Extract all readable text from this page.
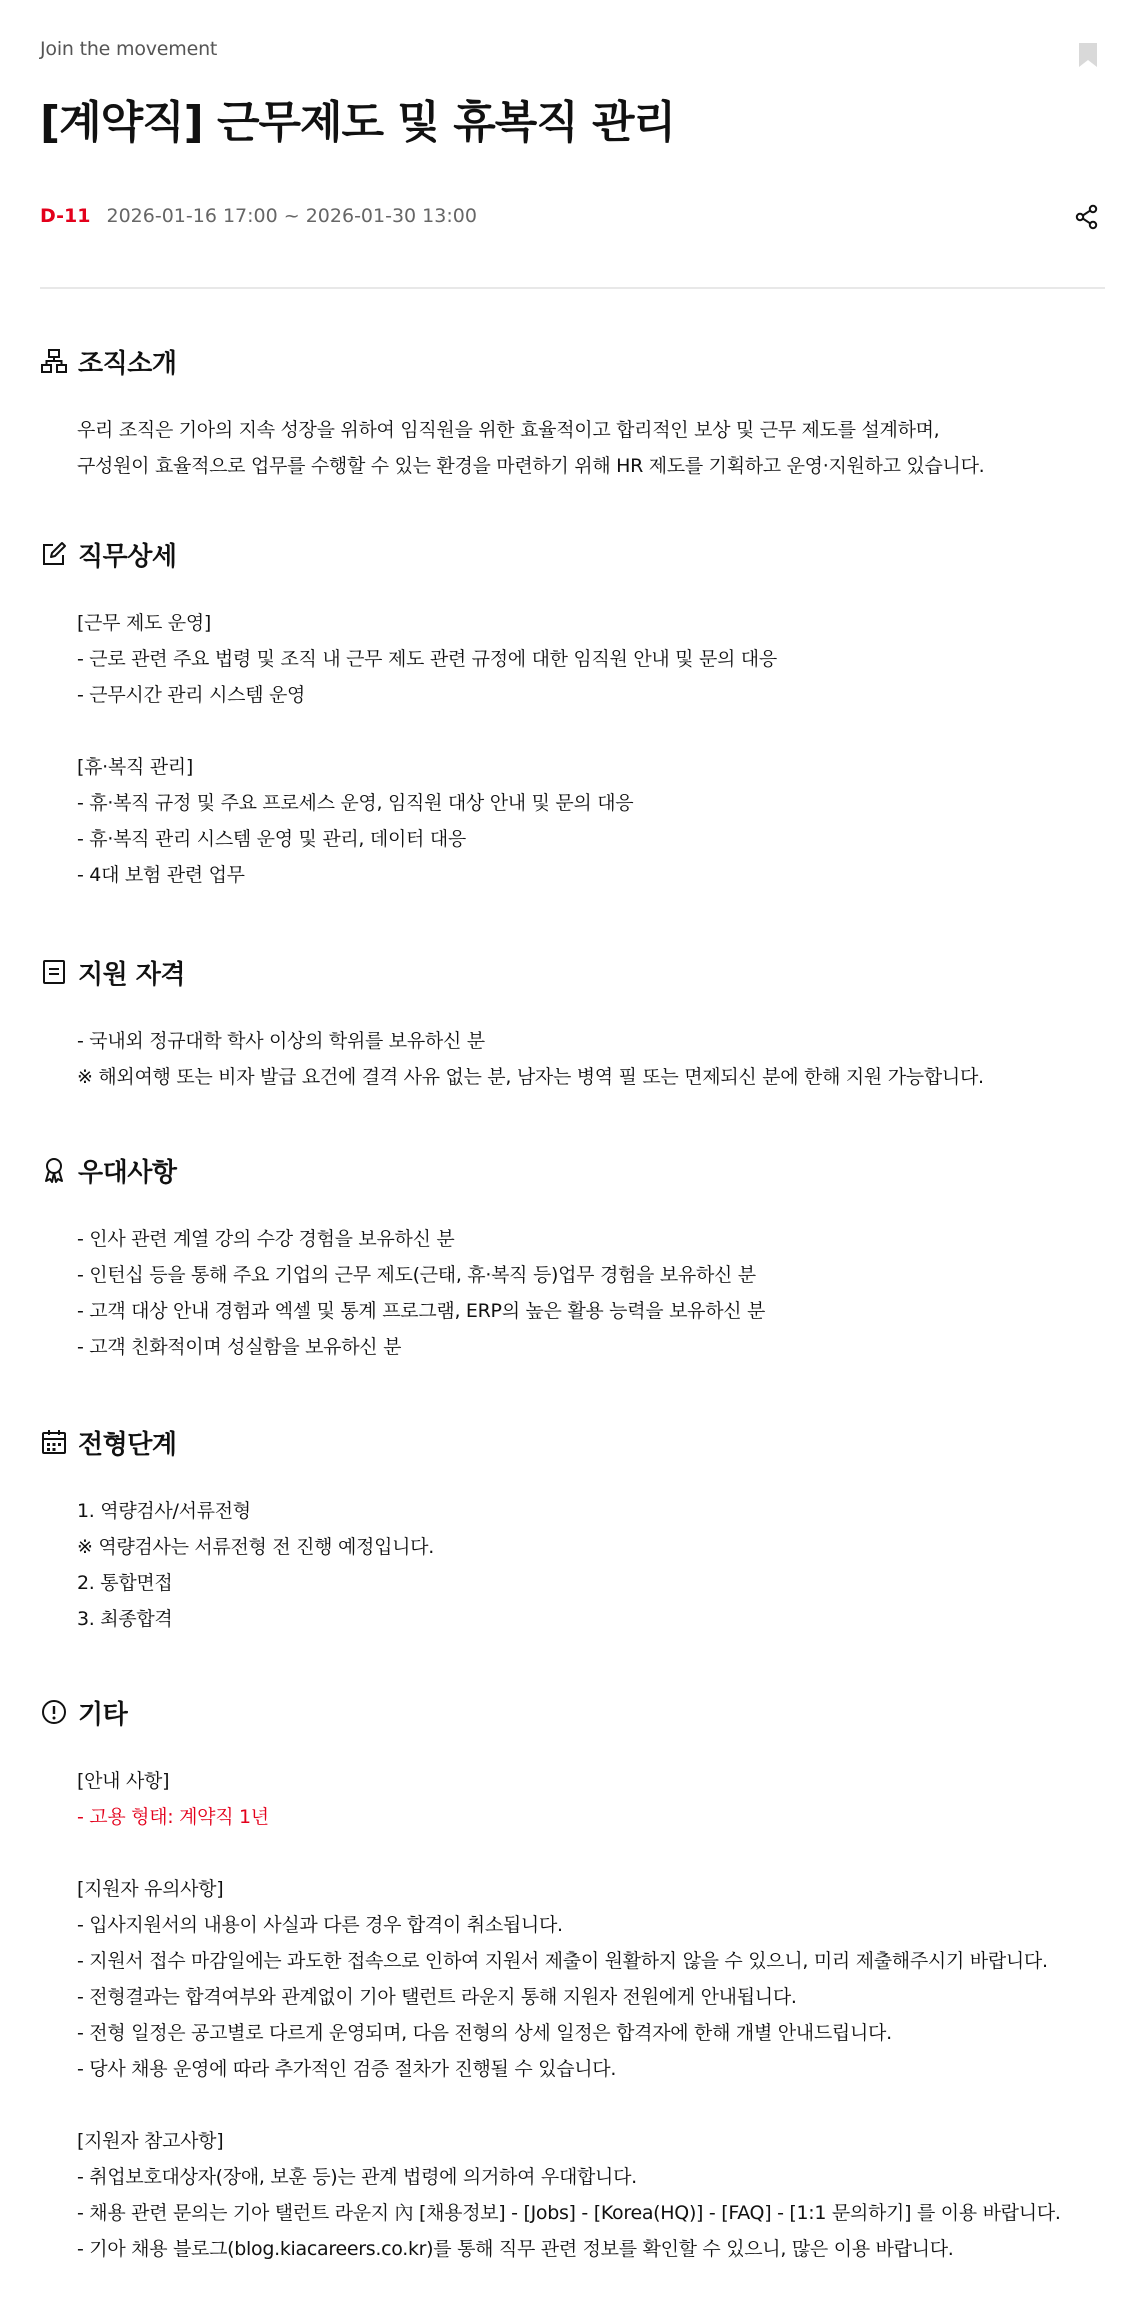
Join the movement
[계약직] 근무제도 및 휴복직 관리
D-11 2026-01-16 17:00 ~ 2026-01-30 13:00
조직소개
우리 조직은 기아의 지속 성장을 위하여 임직원을 위한 효율적이고 합리적인 보상 및 근무 제도를 설계하며,
구성원이 효율적으로 업무를 수행할 수 있는 환경을 마련하기 위해 HR 제도를 기획하고 운영·지원하고 있습니다.
직무상세
[근무 제도 운영]
- 근로 관련 주요 법령 및 조직 내 근무 제도 관련 규정에 대한 임직원 안내 및 문의 대응
- 근무시간 관리 시스템 운영
[휴·복직 관리]
- 휴·복직 규정 및 주요 프로세스 운영, 임직원 대상 안내 및 문의 대응
- 휴·복직 관리 시스템 운영 및 관리, 데이터 대응
- 4대 보험 관련 업무
지원 자격
- 국내외 정규대학 학사 이상의 학위를 보유하신 분
※ 해외여행 또는 비자 발급 요건에 결격 사유 없는 분, 남자는 병역 필 또는 면제되신 분에 한해 지원 가능합니다.
우대사항
- 인사 관련 계열 강의 수강 경험을 보유하신 분
- 인턴십 등을 통해 주요 기업의 근무 제도(근태, 휴·복직 등)업무 경험을 보유하신 분
- 고객 대상 안내 경험과 엑셀 및 통계 프로그램, ERP의 높은 활용 능력을 보유하신 분
- 고객 친화적이며 성실함을 보유하신 분
전형단계
1. 역량검사/서류전형
※ 역량검사는 서류전형 전 진행 예정입니다.
2. 통합면접
3. 최종합격
기타
[안내 사항]
- 고용 형태: 계약직 1년
[지원자 유의사항]
- 입사지원서의 내용이 사실과 다른 경우 합격이 취소됩니다.
- 지원서 접수 마감일에는 과도한 접속으로 인하여 지원서 제출이 원활하지 않을 수 있으니, 미리 제출해주시기 바랍니다.
- 전형결과는 합격여부와 관계없이 기아 탤런트 라운지 통해 지원자 전원에게 안내됩니다.
- 전형 일정은 공고별로 다르게 운영되며, 다음 전형의 상세 일정은 합격자에 한해 개별 안내드립니다.
- 당사 채용 운영에 따라 추가적인 검증 절차가 진행될 수 있습니다.
[지원자 참고사항]
- 취업보호대상자(장애, 보훈 등)는 관계 법령에 의거하여 우대합니다.
- 채용 관련 문의는 기아 탤런트 라운지 內 [채용정보] - [Jobs] - [Korea(HQ)] - [FAQ] - [1:1 문의하기] 를 이용 바랍니다.
- 기아 채용 블로그(blog.kiacareers.co.kr)를 통해 직무 관련 정보를 확인할 수 있으니, 많은 이용 바랍니다.
